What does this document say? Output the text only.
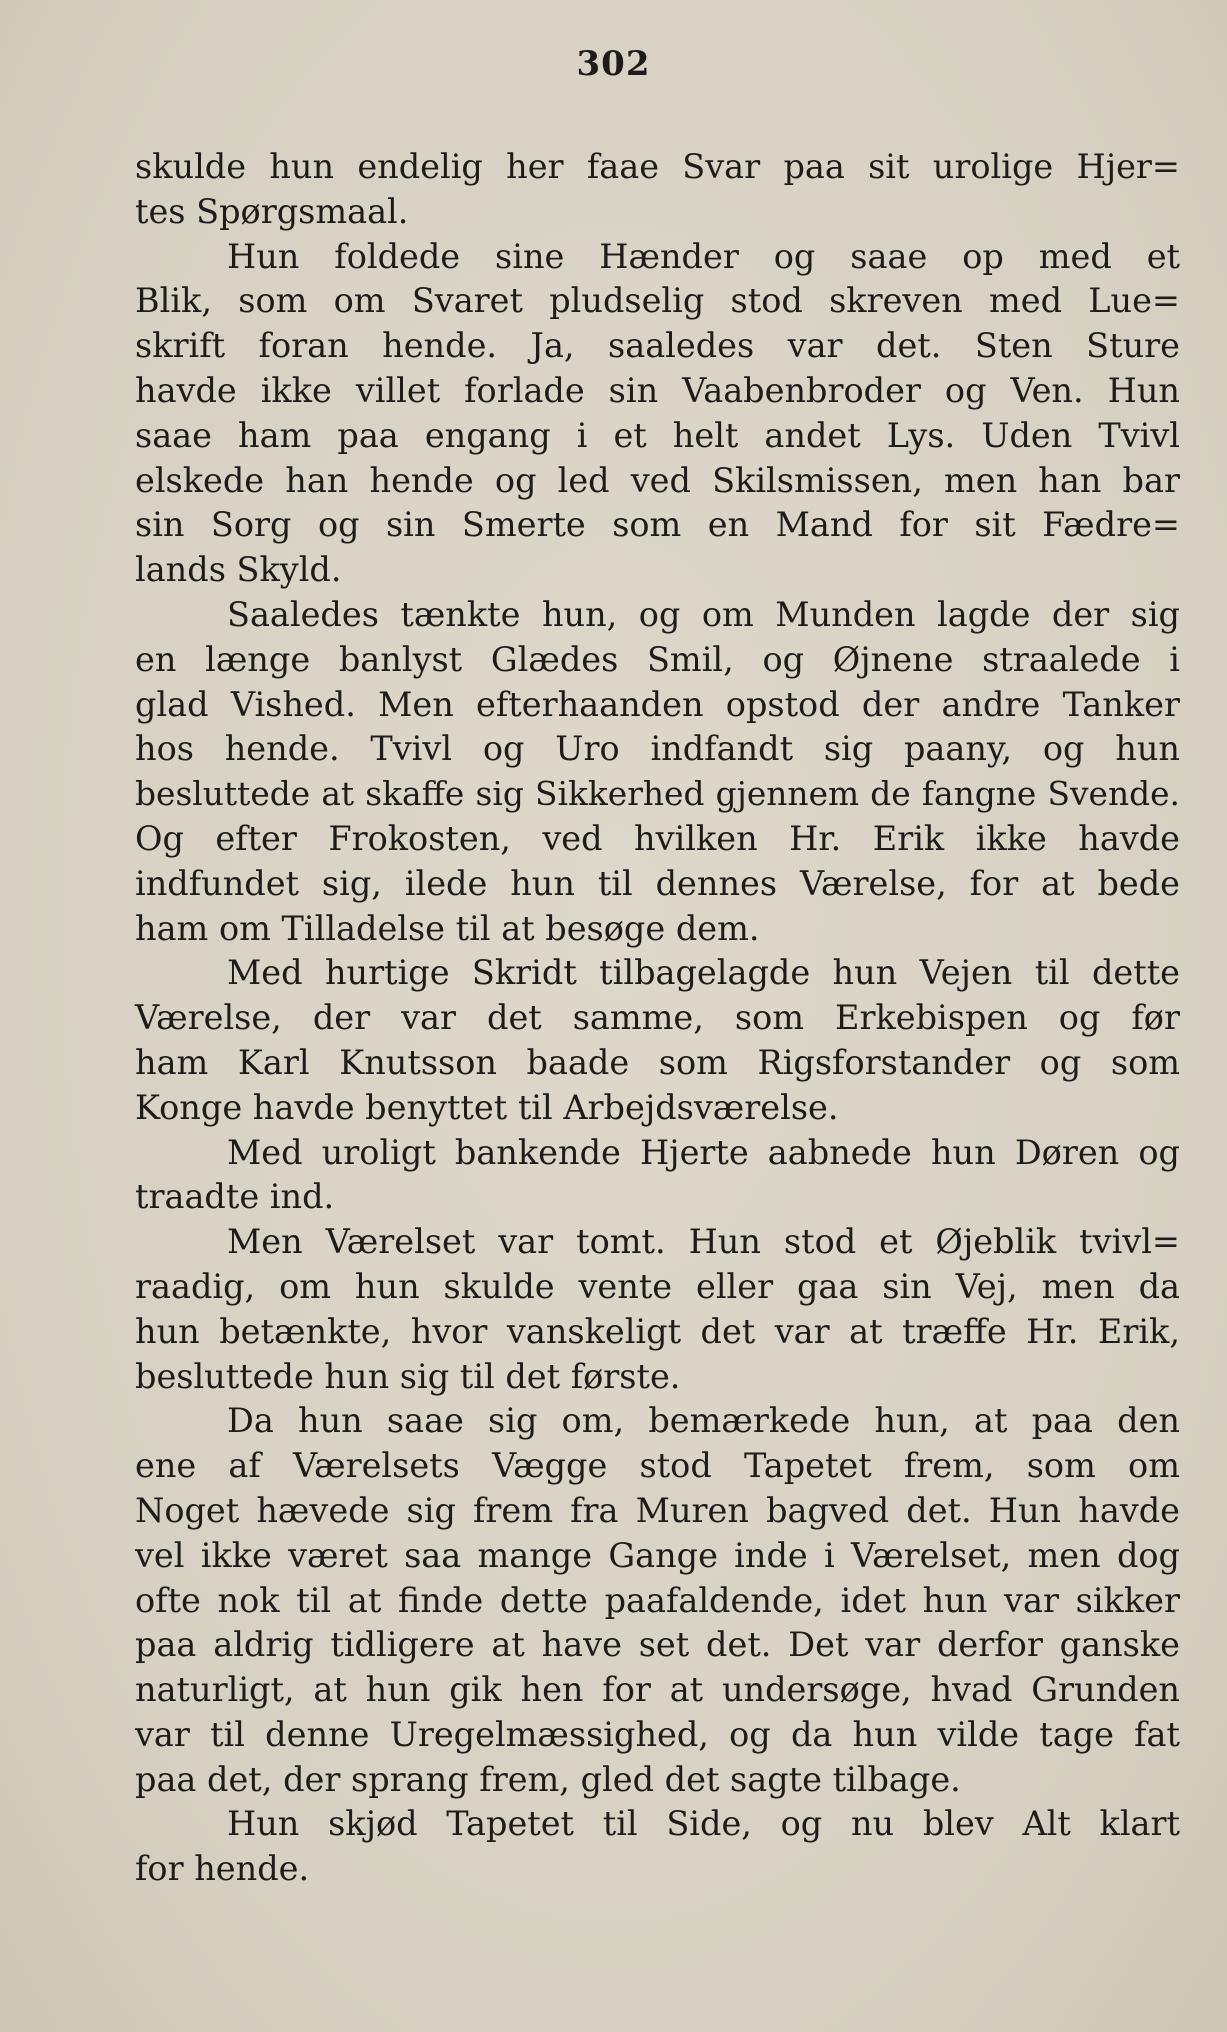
302
skulde hun endelig her faae Svar paa sit urolige Hjer=
tes Spørgsmaal.
Hun foldede sine Hænder og saae op med et
Blik, som om Svaret pludselig stod skreven med Lue=
skrift foran hende. Ja, saaledes var det. Sten Sture
havde ikke villet forlade sin Vaabenbroder og Ven. Hun
saae ham paa engang i et helt andet Lys. Uden Tvivl
elskede han hende og led ved Skilsmissen, men han bar
sin Sorg og sin Smerte som en Mand for sit Fædre=
lands Skyld.
Saaledes tænkte hun, og om Munden lagde der sig
en længe banlyst Glædes Smil, og Øjnene straalede i
glad Vished. Men efterhaanden opstod der andre Tanker
hos hende. Tvivl og Uro indfandt sig paany, og hun
besluttede at skaffe sig Sikkerhed gjennem de fangne Svende.
Og efter Frokosten, ved hvilken Hr. Erik ikke havde
indfundet sig, ilede hun til dennes Værelse, for at bede
ham om Tilladelse til at besøge dem.
Med hurtige Skridt tilbagelagde hun Vejen til dette
Værelse, der var det samme, som Erkebispen og før
ham Karl Knutsson baade som Rigsforstander og som
Konge havde benyttet til Arbejdsværelse.
Med uroligt bankende Hjerte aabnede hun Døren og
traadte ind.
Men Værelset var tomt. Hun stod et Øjeblik tvivl=
raadig, om hun skulde vente eller gaa sin Vej, men da
hun betænkte, hvor vanskeligt det var at træffe Hr. Erik,
besluttede hun sig til det første.
Da hun saae sig om, bemærkede hun, at paa den
ene af Værelsets Vægge stod Tapetet frem, som om
Noget hævede sig frem fra Muren bagved det. Hun havde
vel ikke været saa mange Gange inde i Værelset, men dog
ofte nok til at finde dette paafaldende, idet hun var sikker
paa aldrig tidligere at have set det. Det var derfor ganske
naturligt, at hun gik hen for at undersøge, hvad Grunden
var til denne Uregelmæssighed, og da hun vilde tage fat
paa det, der sprang frem, gled det sagte tilbage.
Hun skjød Tapetet til Side, og nu blev Alt klart
for hende.
